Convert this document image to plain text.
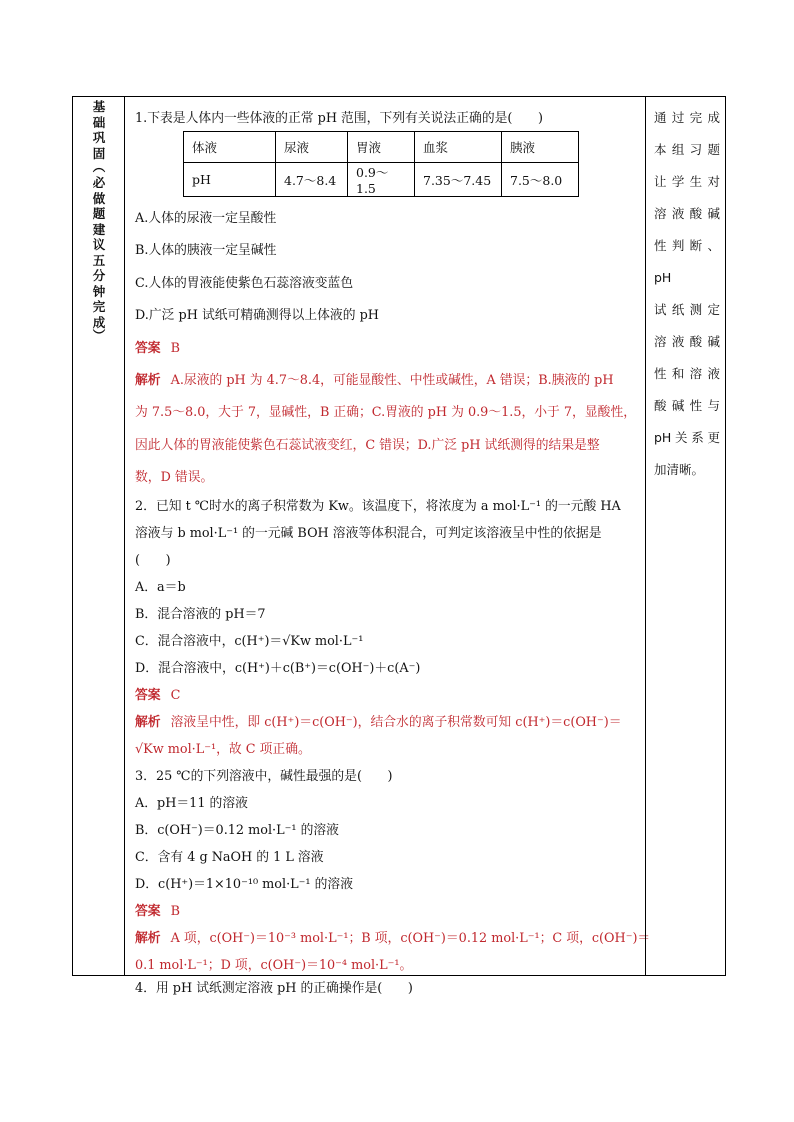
基
础
巩
固
︵
必
做
题
建
议
五
分
钟
完
成
︶
1.下表是人体内一些体液的正常 pH 范围，下列有关说法正确的是(　　)
体液	尿液	胃液	血浆	胰液
pH	4.7～8.4	0.9～1.5	7.35～7.45	7.5～8.0
A.人体的尿液一定呈酸性
B.人体的胰液一定呈碱性
C.人体的胃液能使紫色石蕊溶液变蓝色
D.广泛 pH 试纸可精确测得以上体液的 pH
答案 B
解析 A.尿液的 pH 为 4.7～8.4，可能显酸性、中性或碱性，A 错误；B.胰液的 pH
为 7.5～8.0，大于 7，显碱性，B 正确；C.胃液的 pH 为 0.9～1.5，小于 7，显酸性，
因此人体的胃液能使紫色石蕊试液变红，C 错误；D.广泛 pH 试纸测得的结果是整
数，D 错误。
2．已知 t ℃时水的离子积常数为 Kw。该温度下，将浓度为 a mol·L⁻¹ 的一元酸 HA
溶液与 b mol·L⁻¹ 的一元碱 BOH 溶液等体积混合，可判定该溶液呈中性的依据是
(　　)
A．a＝b
B．混合溶液的 pH＝7
C．混合溶液中，c(H⁺)＝√Kw mol·L⁻¹
D．混合溶液中，c(H⁺)＋c(B⁺)＝c(OH⁻)＋c(A⁻)
答案 C
解析 溶液呈中性，即 c(H⁺)＝c(OH⁻)，结合水的离子积常数可知 c(H⁺)＝c(OH⁻)＝
√Kw mol·L⁻¹，故 C 项正确。
3．25 ℃的下列溶液中，碱性最强的是(　　)
A．pH＝11 的溶液
B．c(OH⁻)＝0.12 mol·L⁻¹ 的溶液
C．含有 4 g NaOH 的 1 L 溶液
D．c(H⁺)＝1×10⁻¹⁰ mol·L⁻¹ 的溶液
答案 B
解析 A 项，c(OH⁻)＝10⁻³ mol·L⁻¹；B 项，c(OH⁻)＝0.12 mol·L⁻¹；C 项，c(OH⁻)＝
0.1 mol·L⁻¹；D 项，c(OH⁻)＝10⁻⁴ mol·L⁻¹。
4．用 pH 试纸测定溶液 pH 的正确操作是(　　)
通过完成
本组习题
让学生对
溶液酸碱
性判断、pH
试纸测定
溶液酸碱
性和溶液
酸碱性与
pH关系更
加清晰。
